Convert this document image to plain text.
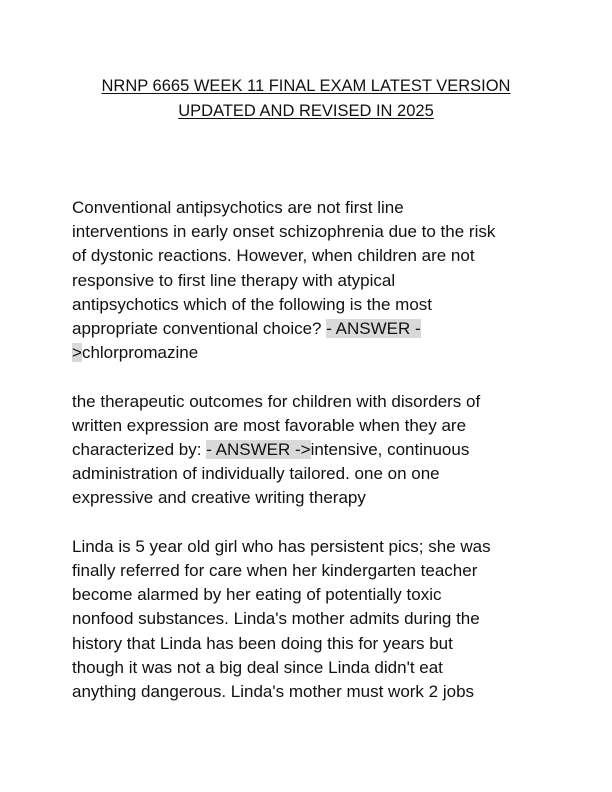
NRNP 6665 WEEK 11 FINAL EXAM LATEST VERSION
UPDATED AND REVISED IN 2025
Conventional antipsychotics are not first line
interventions in early onset schizophrenia due to the risk
of dystonic reactions. However, when children are not
responsive to first line therapy with atypical
antipsychotics which of the following is the most
appropriate conventional choice? - ANSWER -
>chlorpromazine
the therapeutic outcomes for children with disorders of
written expression are most favorable when they are
characterized by: - ANSWER ->intensive, continuous
administration of individually tailored. one on one
expressive and creative writing therapy
Linda is 5 year old girl who has persistent pics; she was
finally referred for care when her kindergarten teacher
become alarmed by her eating of potentially toxic
nonfood substances. Linda's mother admits during the
history that Linda has been doing this for years but
though it was not a big deal since Linda didn't eat
anything dangerous. Linda's mother must work 2 jobs
